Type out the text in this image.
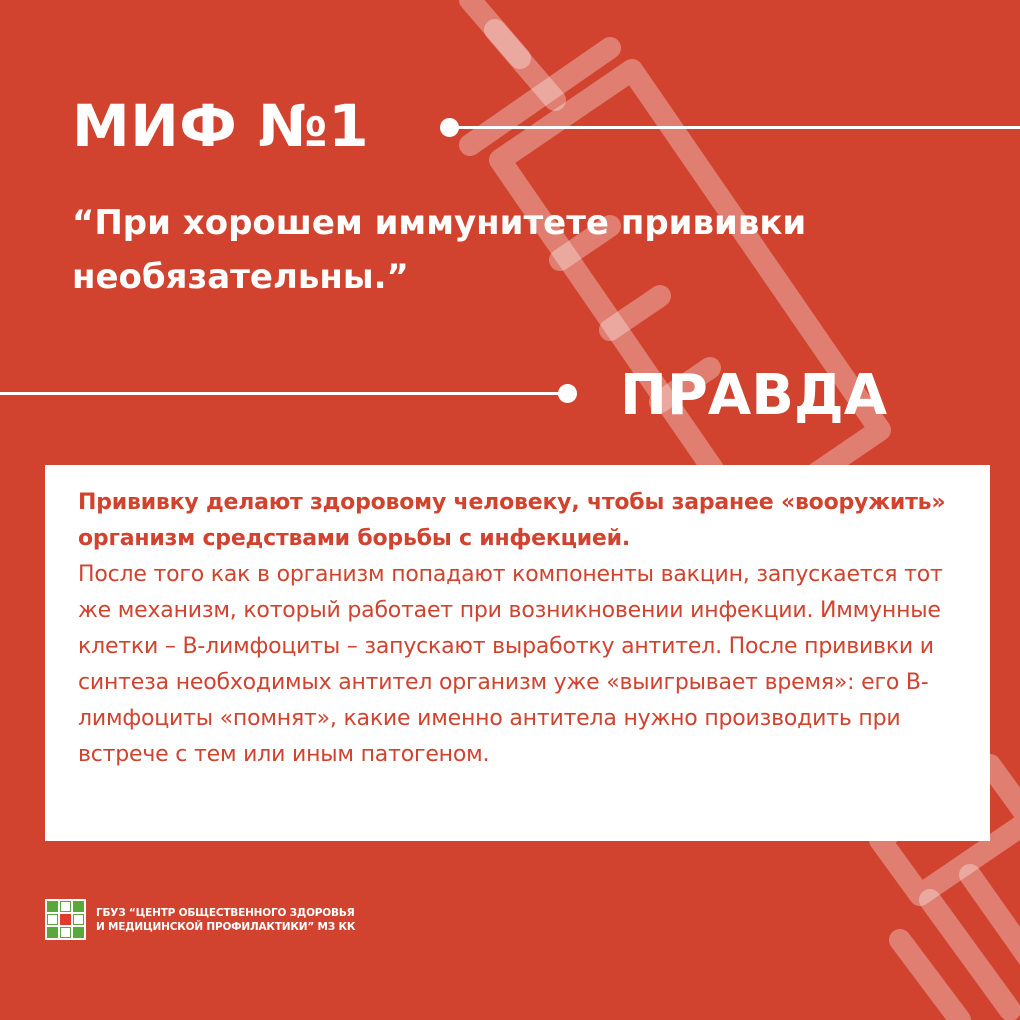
МИФ №1
“При хорошем иммунитете прививки необязательны.”
ПРАВДА
Прививку делают здоровому человеку, чтобы заранее «вооружить» организм средствами борьбы с инфекцией.
После того как в организм попадают компоненты вакцин, запускается тот же механизм, который работает при возникновении инфекции. Иммунные клетки – В-лимфоциты – запускают выработку антител. После прививки и синтеза необходимых антител организм уже «выигрывает время»: его В-лимфоциты «помнят», какие именно антитела нужно производить при встрече с тем или иным патогеном.
ГБУЗ “ЦЕНТР ОБЩЕСТВЕННОГО ЗДОРОВЬЯ
И МЕДИЦИНСКОЙ ПРОФИЛАКТИКИ” МЗ КК
